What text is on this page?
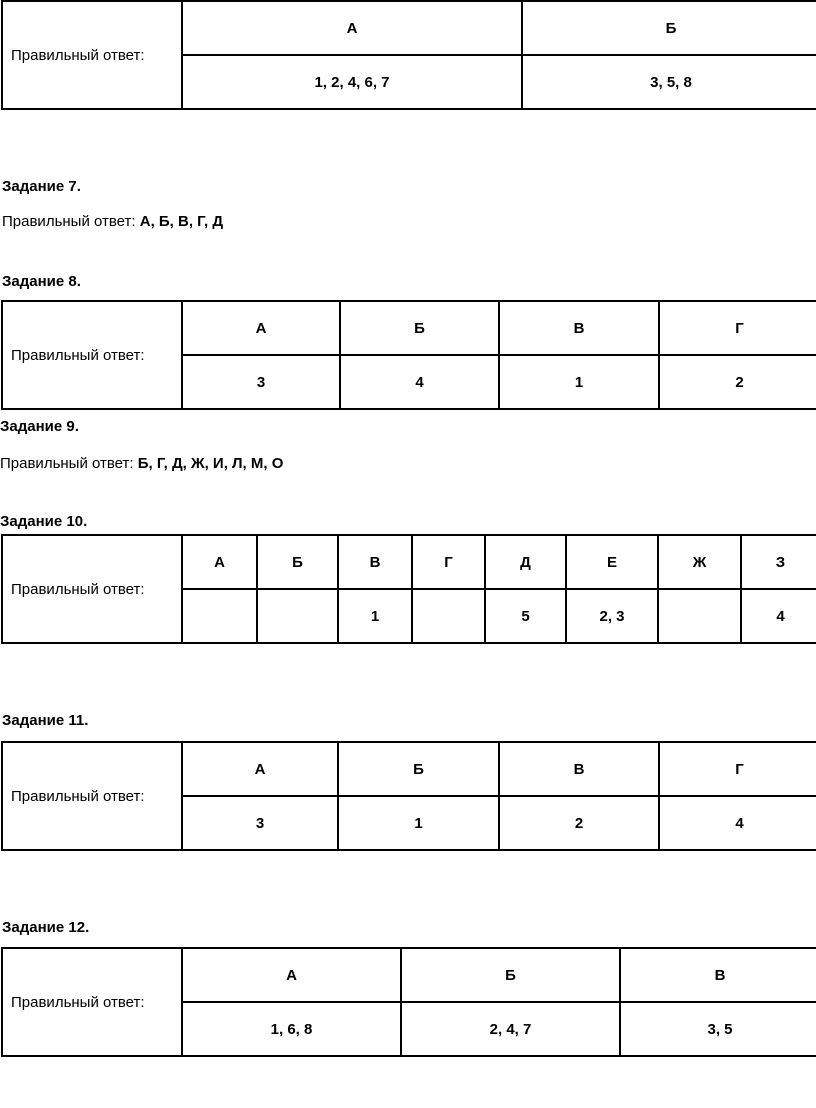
Правильный ответ:	А	Б
	1, 2, 4, 6, 7	3, 5, 8
Задание 7.
Правильный ответ: А, Б, В, Г, Д
Задание 8.
Правильный ответ:	А	Б	В	Г
	3	4	1	2
Задание 9.
Правильный ответ: Б, Г, Д, Ж, И, Л, М, О
Задание 10.
Правильный ответ:	А	Б	В	Г	Д	Е	Ж	З
			1		5	2, 3		4
Задание 11.
Правильный ответ:	А	Б	В	Г
	3	1	2	4
Задание 12.
Правильный ответ:	А	Б	В
	1, 6, 8	2, 4, 7	3, 5
